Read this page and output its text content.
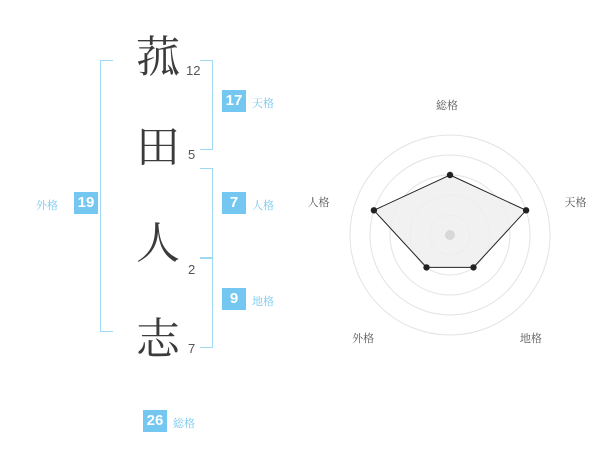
菰 12
田 5
人
2
志 7
17 天格
7	人格
9	地格
外格 19
26 総格
総格
天格
地格
外格
人格
